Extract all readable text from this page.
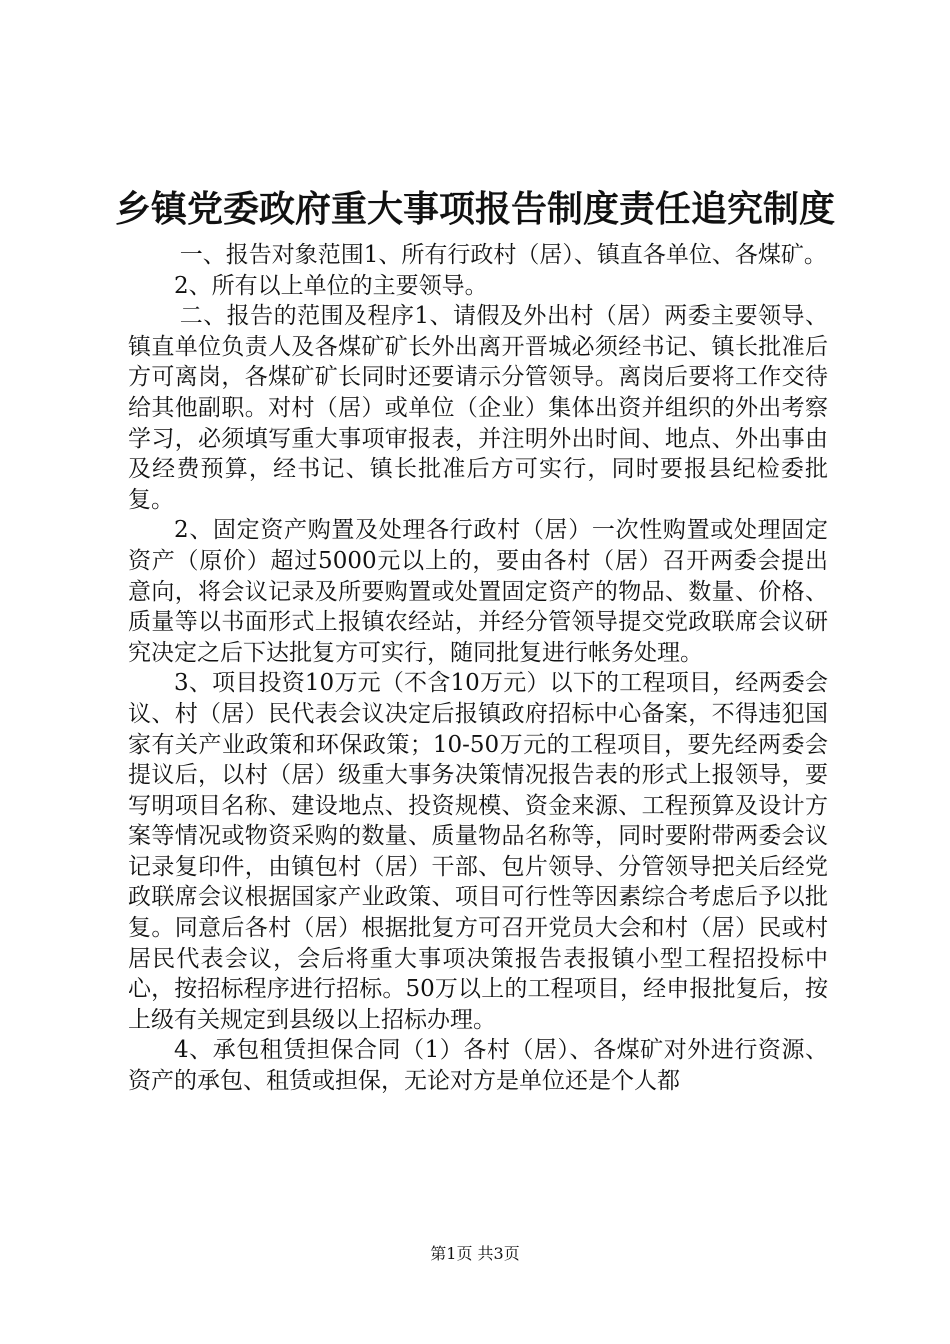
乡镇党委政府重大事项报告制度责任追究制度

一、报告对象范围1、所有行政村（居）、镇直各单位、各煤矿。

2、所有以上单位的主要领导。

二、报告的范围及程序1、请假及外出村（居）两委主要领导、镇直单位负责人及各煤矿矿长外出离开晋城必须经书记、镇长批准后方可离岗，各煤矿矿长同时还要请示分管领导。离岗后要将工作交待给其他副职。对村（居）或单位（企业）集体出资并组织的外出考察学习，必须填写重大事项审报表，并注明外出时间、地点、外出事由及经费预算，经书记、镇长批准后方可实行，同时要报县纪检委批复。

2、固定资产购置及处理各行政村（居）一次性购置或处理固定资产（原价）超过5000元以上的，要由各村（居）召开两委会提出意向，将会议记录及所要购置或处置固定资产的物品、数量、价格、质量等以书面形式上报镇农经站，并经分管领导提交党政联席会议研究决定之后下达批复方可实行，随同批复进行帐务处理。

3、项目投资10万元（不含10万元）以下的工程项目，经两委会议、村（居）民代表会议决定后报镇政府招标中心备案，不得违犯国家有关产业政策和环保政策；10-50万元的工程项目，要先经两委会提议后，以村（居）级重大事务决策情况报告表的形式上报领导，要写明项目名称、建设地点、投资规模、资金来源、工程预算及设计方案等情况或物资采购的数量、质量物品名称等，同时要附带两委会议记录复印件，由镇包村（居）干部、包片领导、分管领导把关后经党政联席会议根据国家产业政策、项目可行性等因素综合考虑后予以批复。同意后各村（居）根据批复方可召开党员大会和村（居）民或村居民代表会议，会后将重大事项决策报告表报镇小型工程招投标中心，按招标程序进行招标。50万以上的工程项目，经申报批复后，按上级有关规定到县级以上招标办理。

4、承包租赁担保合同（1）各村（居）、各煤矿对外进行资源、资产的承包、租赁或担保，无论对方是单位还是个人都

第1页 共3页
